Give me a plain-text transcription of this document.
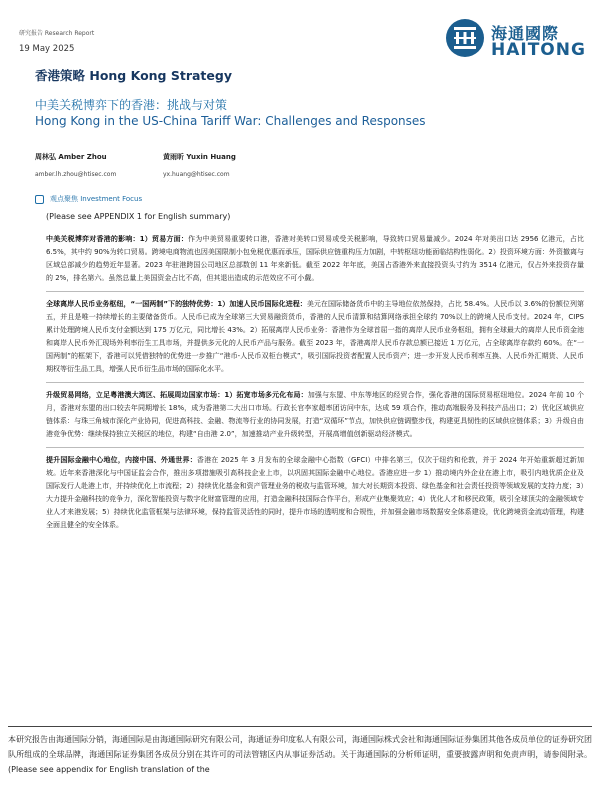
研究报告 Research Report
19 May 2025
海通國際
HAITONG
香港策略 Hong Kong Strategy
中美关税博弈下的香港：挑战与对策
Hong Kong in the US-China Tariff War: Challenges and Responses
周林弘 Amber Zhou
amber.lh.zhou@htisec.com
黄雨昕 Yuxin Huang
yx.huang@htisec.com
观点聚焦 Investment Focus
(Please see APPENDIX 1 for English summary)

中美关税博弈对香港的影响：1）贸易方面：作为中美贸易重要转口港，香港对美转口贸易或受关税影响，导致转口贸易量减少。2024 年对美出口达 2956 亿港元，占比 6.5%，其中约 90%为转口贸易。跨境电商物流也因美国限制小包免税优惠而承压，国际供应链重构压力加剧，中转枢纽功能面临结构性弱化。2）投资环境方面：外资撤离与区域总部减少的趋势近年显著。2023 年驻港跨国公司地区总部数创 11 年来新低。截至 2022 年年底，美国占香港外来直接投资头寸约为 3514 亿港元，仅占外来投资存量的 2%，排名第六。虽然总量上美国资金占比不高，但其退出造成的示范效应不可小觑。

全球离岸人民币业务枢纽，“一国两制”下的独特优势：1）加速人民币国际化进程：美元在国际储备货币中的主导地位依然保持，占比 58.4%。人民币以 3.6%的份额位列第五，并且是唯一持续增长的主要储备货币。人民币已成为全球第三大贸易融资货币，香港的人民币清算和结算网络承担全球约 70%以上的跨境人民币支付。2024 年，CIPS 累计处理跨境人民币支付金额达到 175 万亿元，同比增长 43%。2）拓展离岸人民币业务：香港作为全球首屈一指的离岸人民币业务枢纽，拥有全球最大的离岸人民币资金池和离岸人民币外汇现场外利率衍生工具市场，并提供多元化的人民币产品与服务。截至 2023 年，香港离岸人民币存款总额已接近 1 万亿元，占全球离岸存款约 60%。在“一国两制”的框架下，香港可以凭借独特的优势进一步推广“港币-人民币双柜台模式”，吸引国际投资者配置人民币资产；进一步开发人民币利率互换、人民币外汇期货、人民币期权等衍生品工具，增强人民币衍生品市场的国际化水平。

升级贸易网络，立足粤港澳大湾区、拓展周边国家市场：1）拓宽市场多元化布局：加强与东盟、中东等地区的经贸合作，强化香港的国际贸易枢纽地位。2024 年前 10 个月，香港对东盟的出口较去年同期增长 18%，成为香港第二大出口市场。行政长官李家超率团访问中东，达成 59 项合作，推动高端服务及科技产品出口；2）优化区域供应链体系：与珠三角城市深化产业协同，促进高科技、金融、物流等行业的协同发展，打造“双循环”节点，加快供应链调整步伐，构建更具韧性的区域供应链体系；3）升级自由港竞争优势：继续保持独立关税区的地位，构建“自由港 2.0”，加速推动产业升级转型，开展高增值创新驱动经济模式。

提升国际金融中心地位，内接中国、外通世界：香港在 2025 年 3 月发布的全球金融中心指数（GFCI）中排名第三，仅次于纽约和伦敦，并于 2024 年开始重新超过新加坡。近年来香港深化与中国证监会合作，推出多项措施吸引高科技企业上市，以巩固其国际金融中心地位。香港应进一步 1）推动境内外企业在港上市，吸引内地优质企业及国际发行人赴港上市，并持续优化上市流程；2）持续优化基金和资产管理业务的税收与监管环境，加大对长期资本投资、绿色基金和社会责任投资等领域发展的支持力度；3）大力提升金融科技的竞争力，深化智能投资与数字化财富管理的应用，打造金融科技国际合作平台，形成产业集聚效应；4）优化人才和移民政策，吸引全球顶尖的金融领域专业人才来港发展；5）持续优化监管框架与法律环境，保持监管灵活性的同时，提升市场的透明度和合规性，并加强金融市场数据安全体系建设，优化跨境资金流动管理，构建全面且健全的安全体系。

本研究报告由海通国际分销，海通国际是由海通国际研究有限公司，海通证券印度私人有限公司，海通国际株式会社和海通国际证券集团其他各成员单位的证券研究团队所组成的全球品牌，海通国际证券集团各成员分别在其许可的司法管辖区内从事证券活动。关于海通国际的分析师证明，重要披露声明和免责声明，请参阅附录。(Please see appendix for English translation of the
